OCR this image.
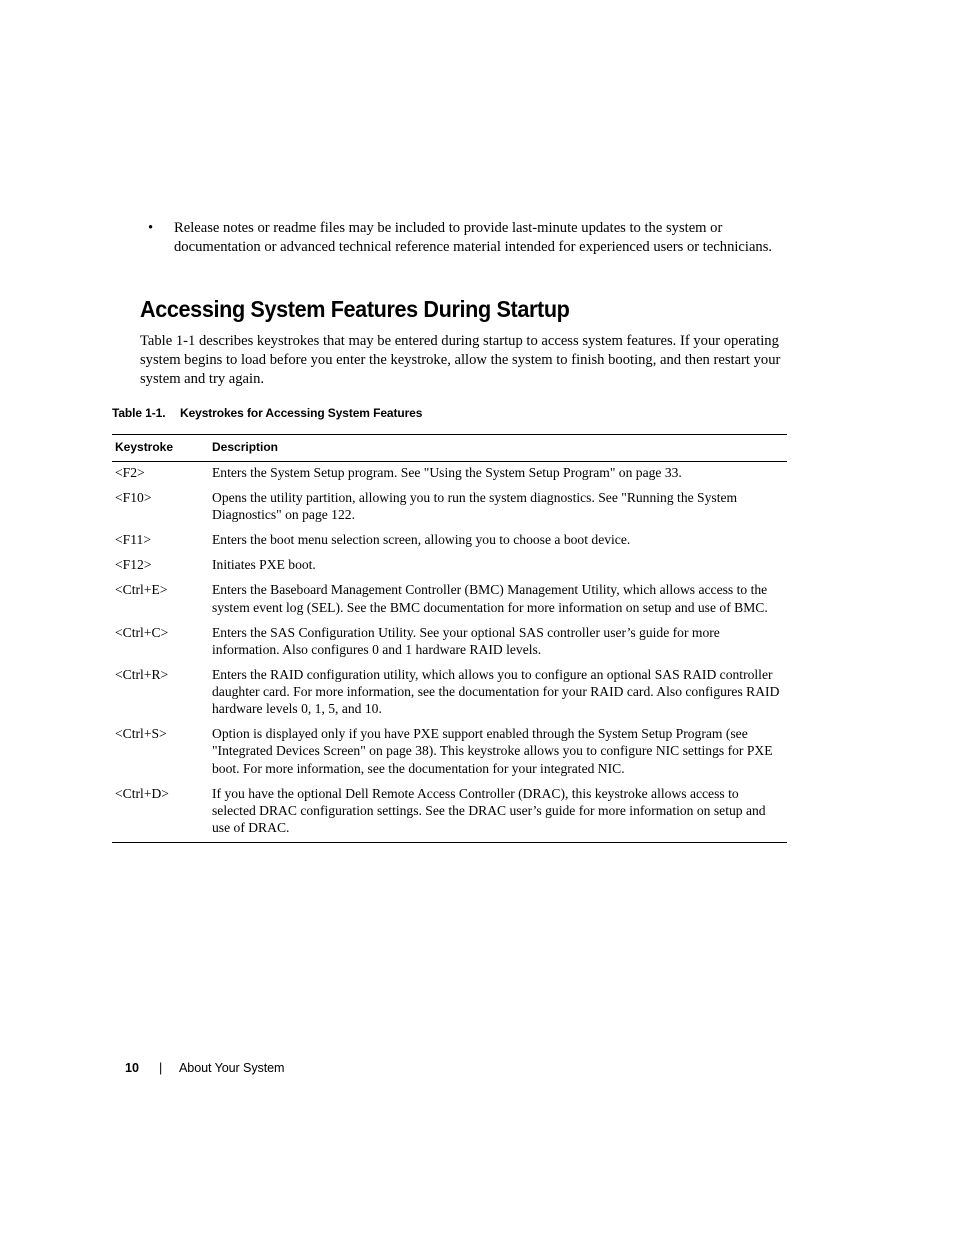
• Release notes or readme files may be included to provide last-minute updates to the system or documentation or advanced technical reference material intended for experienced users or technicians.
Accessing System Features During Startup

Table 1-1 describes keystrokes that may be entered during startup to access system features. If your operating system begins to load before you enter the keystroke, allow the system to finish booting, and then restart your system and try again.

Table 1-1. Keystrokes for Accessing System Features
Keystroke	Description
<F2>	Enters the System Setup program. See "Using the System Setup Program" on page 33.
<F10>	Opens the utility partition, allowing you to run the system diagnostics. See "Running the System Diagnostics" on page 122.
<F11>	Enters the boot menu selection screen, allowing you to choose a boot device.
<F12>	Initiates PXE boot.
<Ctrl+E>	Enters the Baseboard Management Controller (BMC) Management Utility, which allows access to the system event log (SEL). See the BMC documentation for more information on setup and use of BMC.
<Ctrl+C>	Enters the SAS Configuration Utility. See your optional SAS controller user’s guide for more information. Also configures 0 and 1 hardware RAID levels.
<Ctrl+R>	Enters the RAID configuration utility, which allows you to configure an optional SAS RAID controller daughter card. For more information, see the documentation for your RAID card. Also configures RAID hardware levels 0, 1, 5, and 10.
<Ctrl+S>	Option is displayed only if you have PXE support enabled through the System Setup Program (see "Integrated Devices Screen" on page 38). This keystroke allows you to configure NIC settings for PXE boot. For more information, see the documentation for your integrated NIC.
<Ctrl+D>	If you have the optional Dell Remote Access Controller (DRAC), this keystroke allows access to selected DRAC configuration settings. See the DRAC user’s guide for more information on setup and use of DRAC.
10 | About Your System
